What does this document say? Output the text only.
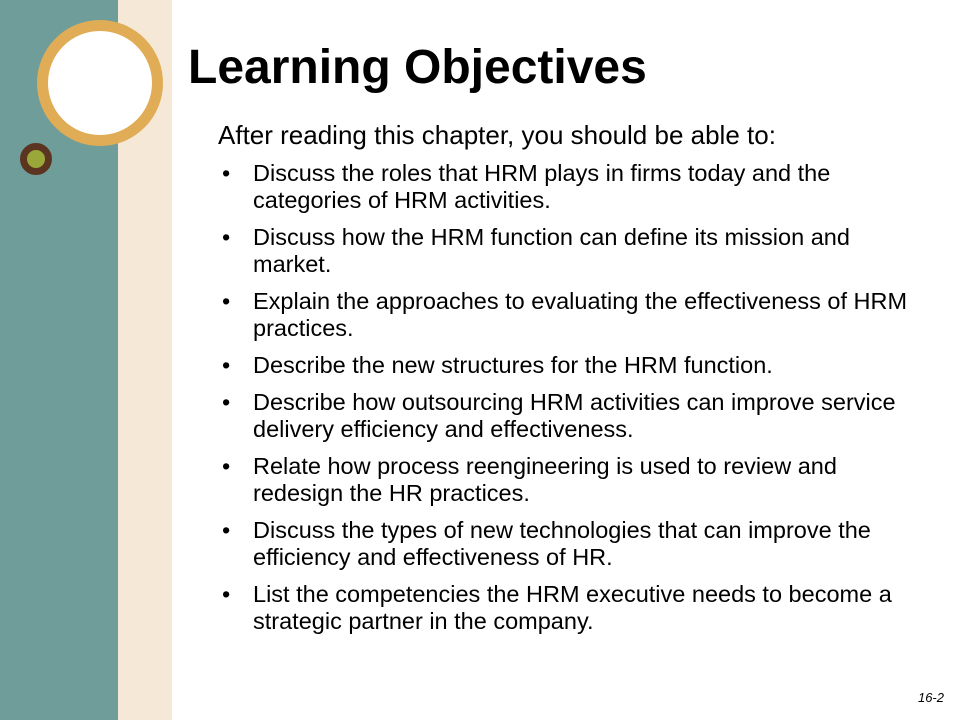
Learning Objectives

After reading this chapter, you should be able to:

• Discuss the roles that HRM plays in firms today and the categories of HRM activities.
• Discuss how the HRM function can define its mission and market.
• Explain the approaches to evaluating the effectiveness of HRM practices.
• Describe the new structures for the HRM function.
• Describe how outsourcing HRM activities can improve service delivery efficiency and effectiveness.
• Relate how process reengineering is used to review and redesign the HR practices.
• Discuss the types of new technologies that can improve the efficiency and effectiveness of HR.
• List the competencies the HRM executive needs to become a strategic partner in the company.
16-2
